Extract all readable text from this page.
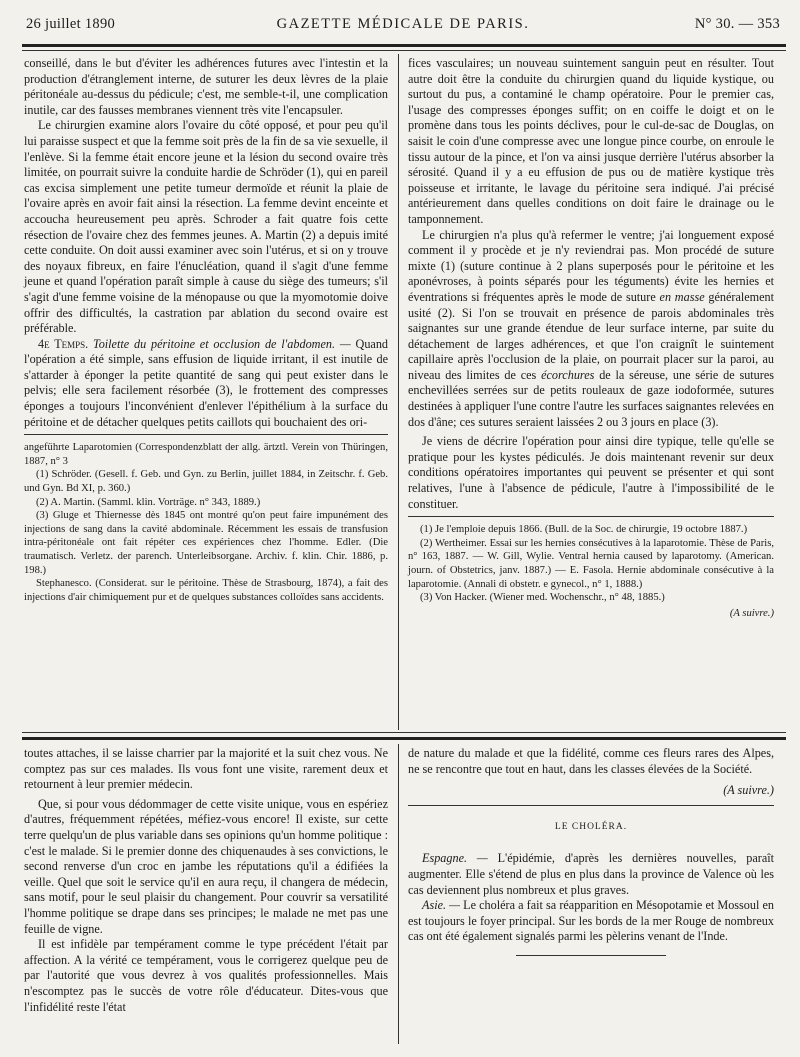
26 juillet 1890	GAZETTE MÉDICALE DE PARIS.	N° 30. — 353

conseillé, dans le but d'éviter les adhérences futures avec l'intestin et la production d'étranglement interne, de suturer les deux lèvres de la plaie péritonéale au-dessus du pédicule; c'est, me semble-t-il, une complication inutile, car des fausses membranes viennent très vite l'encapsuler.

Le chirurgien examine alors l'ovaire du côté opposé, et pour peu qu'il lui paraisse suspect et que la femme soit près de la fin de sa vie sexuelle, il l'enlève. Si la femme était encore jeune et la lésion du second ovaire très limitée, on pourrait suivre la conduite hardie de Schröder (1), qui en pareil cas excisa simplement une petite tumeur dermoïde et réunit la plaie de l'ovaire après en avoir fait ainsi la résection. La femme devint enceinte et accoucha heureusement peu après. Schroder a fait quatre fois cette résection de l'ovaire chez des femmes jeunes. A. Martin (2) a depuis imité cette conduite. On doit aussi examiner avec soin l'utérus, et si on y trouve des noyaux fibreux, en faire l'énucléation, quand il s'agit d'une femme jeune et quand l'opération paraît simple à cause du siège des tumeurs; s'il s'agit d'une femme voisine de la ménopause ou que la myomotomie doive offrir des difficultés, la castration par ablation du second ovaire est préférable.

4e Temps. Toilette du péritoine et occlusion de l'abdomen. — Quand l'opération a été simple, sans effusion de liquide irritant, il est inutile de s'attarder à éponger la petite quantité de sang qui peut exister dans le pelvis; elle sera facilement résorbée (3), le frottement des compresses éponges a toujours l'inconvénient d'enlever l'épithélium à la surface du péritoine et de détacher quelques petits caillots qui bouchaient des ori-

angeführte Laparotomien (Correspondenzblatt der allg. ärtztl. Verein von Thüringen, 1887, n° 3

(1) Schröder. (Gesell. f. Geb. und Gyn. zu Berlin, juillet 1884, in Zeitschr. f. Geb. und Gyn. Bd XI, p. 360.)

(2) A. Martin. (Samml. klin. Vorträge. n° 343, 1889.)

(3) Gluge et Thiernesse dès 1845 ont montré qu'on peut faire impunément des injections de sang dans la cavité abdominale. Récemment les essais de transfusion intra-péritonéale ont fait répéter ces expériences chez l'homme. Edler. (Die traumatisch. Verletz. der parench. Unterleibsorgane. Archiv. f. klin. Chir. 1886, p. 198.)

Stephanesco. (Considerat. sur le péritoine. Thèse de Strasbourg, 1874), a fait des injections d'air chimiquement pur et de quelques substances colloïdes sans accidents.

fices vasculaires; un nouveau suintement sanguin peut en résulter. Tout autre doit être la conduite du chirurgien quand du liquide kystique, ou surtout du pus, a contaminé le champ opératoire. Pour le premier cas, l'usage des compresses éponges suffit; on en coiffe le doigt et on le promène dans tous les points déclives, pour le cul-de-sac de Douglas, on saisit le coin d'une compresse avec une longue pince courbe, on enroule le tissu autour de la pince, et l'on va ainsi jusque derrière l'utérus absorber la sérosité. Quand il y a eu effusion de pus ou de matière kystique très poisseuse et irritante, le lavage du péritoine sera indiqué. J'ai précisé antérieurement dans quelles conditions on doit faire le drainage ou le tamponnement.

Le chirurgien n'a plus qu'à refermer le ventre; j'ai longuement exposé comment il y procède et je n'y reviendrai pas. Mon procédé de suture mixte (1) (suture continue à 2 plans superposés pour le péritoine et les aponévroses, à points séparés pour les téguments) évite les hernies et éventrations si fréquentes après le mode de suture en masse généralement usité (2). Si l'on se trouvait en présence de parois abdominales très saignantes sur une grande étendue de leur surface interne, par suite du détachement de larges adhérences, et que l'on craignît le suintement capillaire après l'occlusion de la plaie, on pourrait placer sur la paroi, au niveau des limites de ces écorchures de la séreuse, une série de sutures enchevillées serrées sur de petits rouleaux de gaze iodoformée, sutures destinées à appliquer l'une contre l'autre les surfaces saignantes relevées en dos d'âne; ces sutures seraient laissées 2 ou 3 jours en place (3).

Je viens de décrire l'opération pour ainsi dire typique, telle qu'elle se pratique pour les kystes pédiculés. Je dois maintenant revenir sur deux conditions opératoires importantes qui peuvent se présenter et qui sont relatives, l'une à l'absence de pédicule, l'autre à l'impossibilité de le constituer.

(1) Je l'emploie depuis 1866. (Bull. de la Soc. de chirurgie, 19 octobre 1887.)

(2) Wertheimer. Essai sur les hernies consécutives à la laparotomie. Thèse de Paris, n° 163, 1887. — W. Gill, Wylie. Ventral hernia caused by laparotomy. (American. journ. of Obstetrics, janv. 1887.) — E. Fasola. Hernie abdominale consécutive à la laparotomie. (Annali di obstetr. e gynecol., n° 1, 1888.)

(3) Von Hacker. (Wiener med. Wochenschr., n° 48, 1885.)

(A suivre.)

toutes attaches, il se laisse charrier par la majorité et la suit chez vous. Ne comptez pas sur ces malades. Ils vous font une visite, rarement deux et retournent à leur premier médecin.

Que, si pour vous dédommager de cette visite unique, vous en espériez d'autres, fréquemment répétées, méfiez-vous encore! Il existe, sur cette terre quelqu'un de plus variable dans ses opinions qu'un homme politique : c'est le malade. Si le premier donne des chiquenaudes à ses convictions, le second renverse d'un croc en jambe les réputations qu'il a édifiées la veille. Quel que soit le service qu'il en aura reçu, il changera de médecin, sans motif, pour le seul plaisir du changement. Pour couvrir sa versatilité l'homme politique se drape dans ses principes; le malade ne met pas une feuille de vigne.

Il est infidèle par tempérament comme le type précédent l'était par affection. A la vérité ce tempérament, vous le corrigerez quelque peu de par l'autorité que vous devrez à vos qualités professionnelles. Mais n'escomptez pas le succès de votre rôle d'éducateur. Dites-vous que l'infidélité reste l'état

de nature du malade et que la fidélité, comme ces fleurs rares des Alpes, ne se rencontre que tout en haut, dans les classes élevées de la Société.

(A suivre.)
LE CHOLÉRA.

Espagne. — L'épidémie, d'après les dernières nouvelles, paraît augmenter. Elle s'étend de plus en plus dans la province de Valence où les cas deviennent plus nombreux et plus graves.

Asie. — Le choléra a fait sa réapparition en Mésopotamie et Mossoul en est toujours le foyer principal. Sur les bords de la mer Rouge de nombreux cas ont été également signalés parmi les pèlerins venant de l'Inde.
